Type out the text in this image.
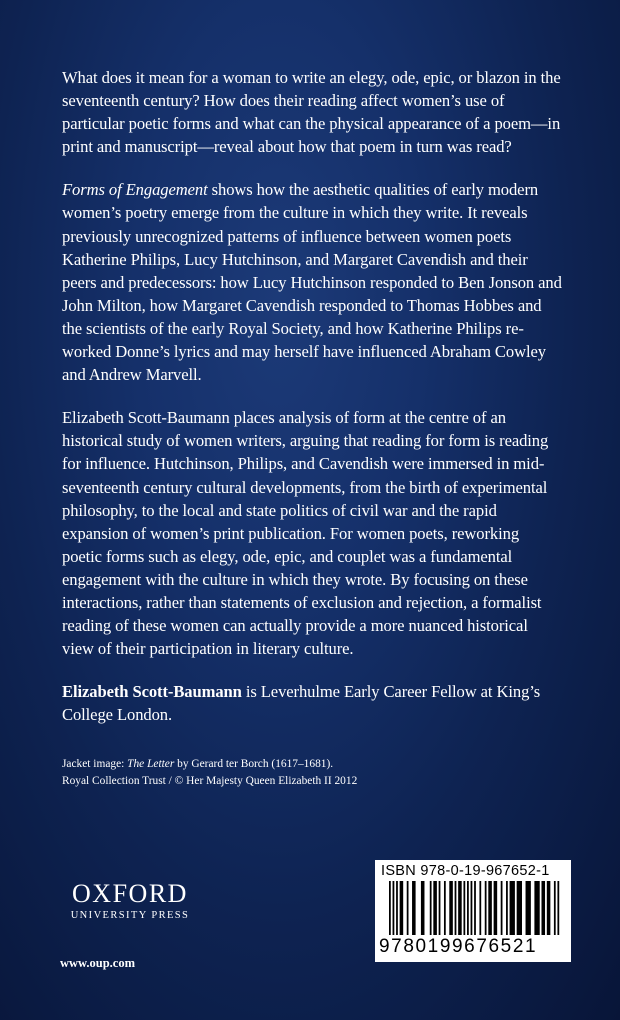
What does it mean for a woman to write an elegy, ode, epic, or blazon in the seventeenth century? How does their reading affect women’s use of particular poetic forms and what can the physical appearance of a poem—in print and manuscript—reveal about how that poem in turn was read?

Forms of Engagement shows how the aesthetic qualities of early modern women’s poetry emerge from the culture in which they write. It reveals previously unrecognized patterns of influence between women poets Katherine Philips, Lucy Hutchinson, and Margaret Cavendish and their peers and predecessors: how Lucy Hutchinson responded to Ben Jonson and John Milton, how Margaret Cavendish responded to Thomas Hobbes and the scientists of the early Royal Society, and how Katherine Philips re-worked Donne’s lyrics and may herself have influenced Abraham Cowley and Andrew Marvell.

Elizabeth Scott-Baumann places analysis of form at the centre of an historical study of women writers, arguing that reading for form is reading for influence. Hutchinson, Philips, and Cavendish were immersed in mid-seventeenth century cultural developments, from the birth of experimental philosophy, to the local and state politics of civil war and the rapid expansion of women’s print publication. For women poets, reworking poetic forms such as elegy, ode, epic, and couplet was a fundamental engagement with the culture in which they wrote. By focusing on these interactions, rather than statements of exclusion and rejection, a formalist reading of these women can actually provide a more nuanced historical view of their participation in literary culture.

Elizabeth Scott-Baumann is Leverhulme Early Career Fellow at King’s College London.

Jacket image: The Letter by Gerard ter Borch (1617–1681).
Royal Collection Trust / © Her Majesty Queen Elizabeth II 2012
OXFORD
UNIVERSITY PRESS
www.oup.com
ISBN 978-0-19-967652-1
9780199676521
